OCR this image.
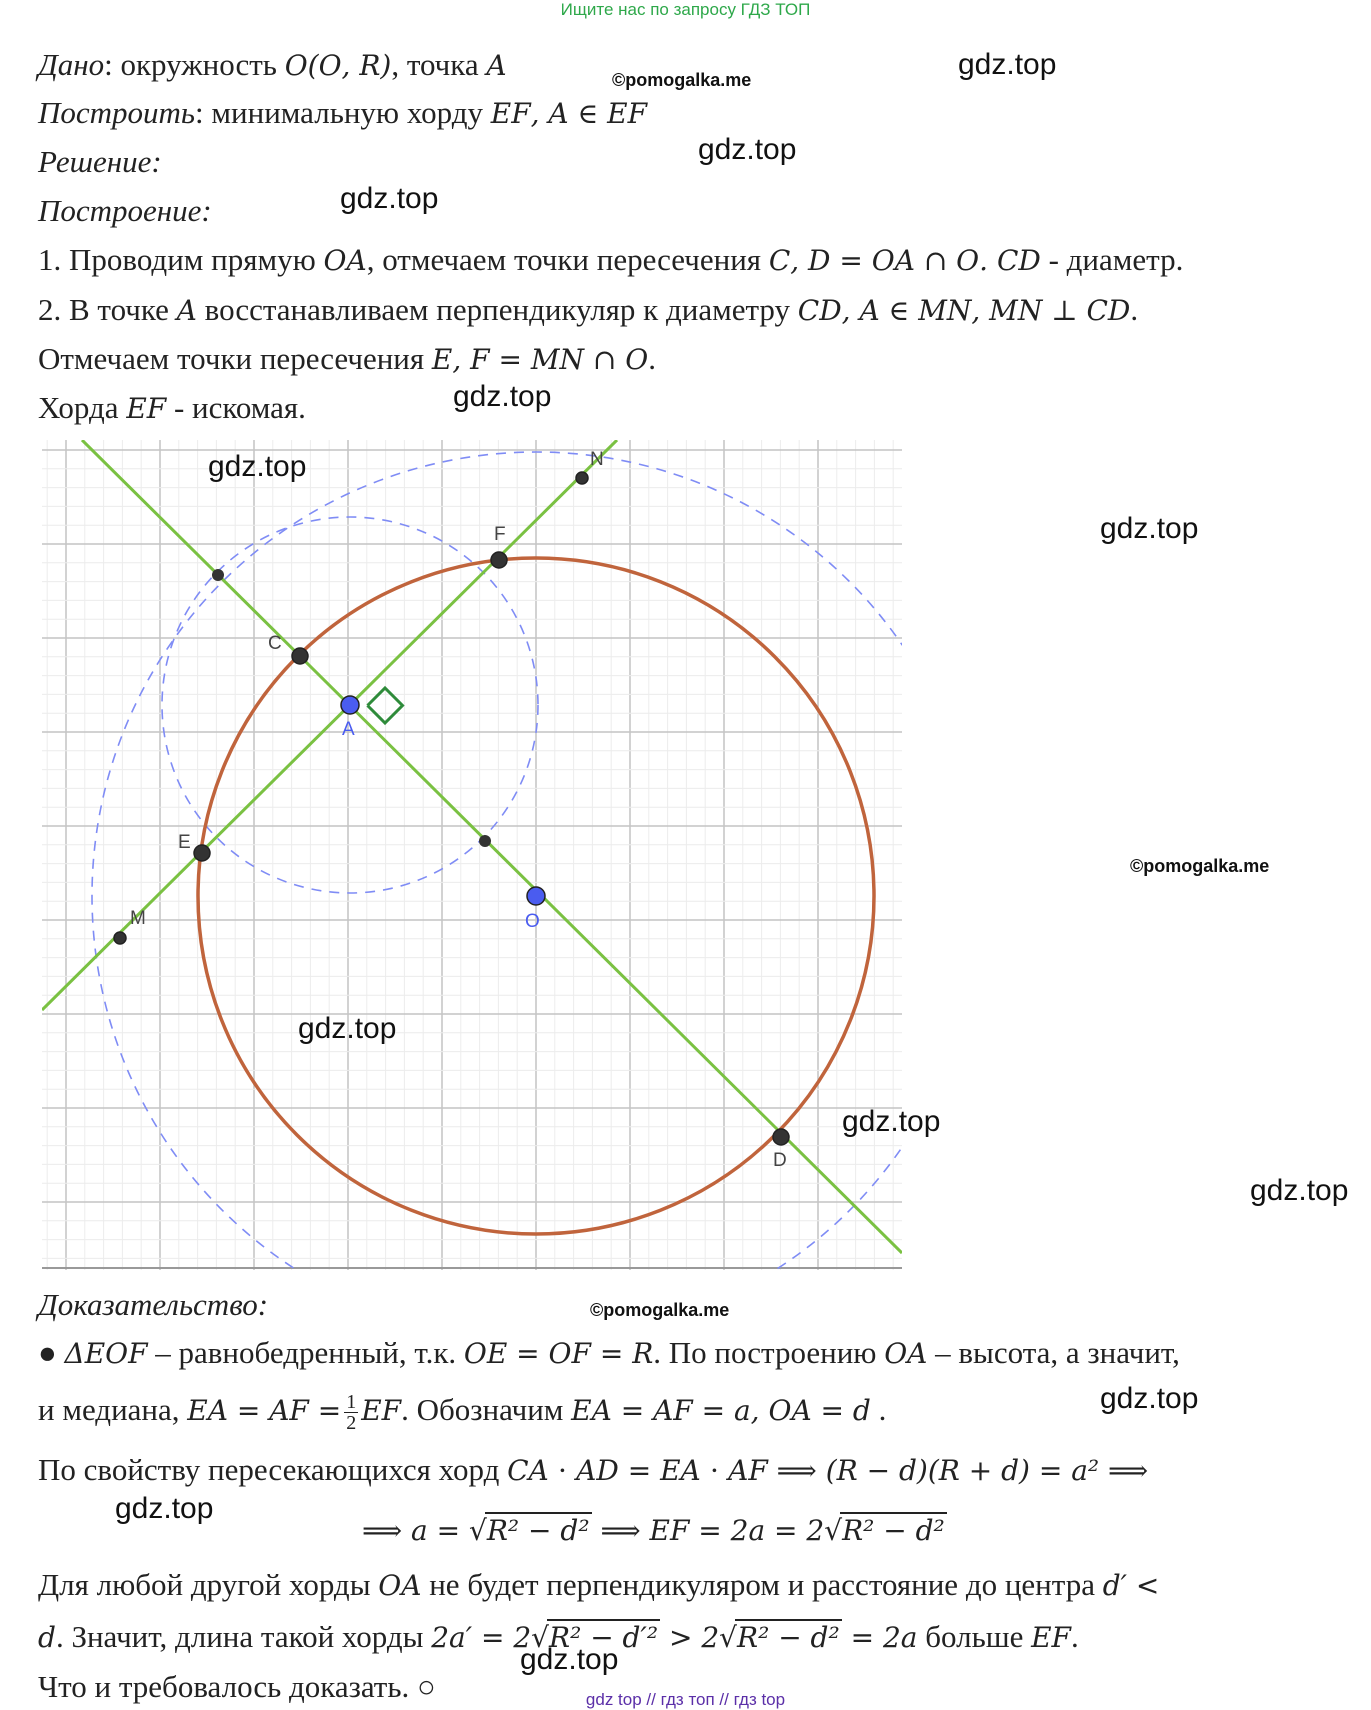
Ищите нас по запросу ГДЗ ТОП
Дано: окружность 𝑂(𝑂, 𝑅), точка 𝐴	©pomogalka.me	gdz.top
Построить: минимальную хорду 𝐸𝐹, 𝐴 ∈ 𝐸𝐹
Решение:	gdz.top
Построение:	gdz.top
1. Проводим прямую 𝑂𝐴, отмечаем точки пересечения 𝐶, 𝐷 = 𝑂𝐴 ∩ 𝑂. 𝐶𝐷 - диаметр.
2. В точке 𝐴 восстанавливаем перпендикуляр к диаметру 𝐶𝐷, 𝐴 ∈ 𝑀𝑁, 𝑀𝑁 ⊥ 𝐶𝐷.
Отмечаем точки пересечения 𝐸, 𝐹 = 𝑀𝑁 ∩ 𝑂.
Хорда 𝐸𝐹 - искомая.	gdz.top
N
F
C
A
E
M	O
D
gdz.top
gdz.top
©pomogalka.me
gdz.top
gdz.top
gdz.top
Доказательство:	©pomogalka.me
● Δ𝐸𝑂𝐹 – равнобедренный, т.к. 𝑂𝐸 = 𝑂𝐹 = 𝑅. По построению 𝑂𝐴 – высота, а значит,
и медиана, 𝐸𝐴 = 𝐴𝐹 = $\frac{1}{2}$ 𝐸𝐹. Обозначим 𝐸𝐴 = 𝐴𝐹 = 𝑎, 𝑂𝐴 = 𝑑 .	gdz.top
По свойству пересекающихся хорд 𝐶𝐴 ⋅ 𝐴𝐷 = 𝐸𝐴 ⋅ 𝐴𝐹 ⟹ (𝑅 − 𝑑)(𝑅 + 𝑑) = 𝑎² ⟹
gdz.top
⟹ 𝑎 = √𝑅² − 𝑑² ⟹ 𝐸𝐹 = 2𝑎 = 2√𝑅² − 𝑑²
Для любой другой хорды 𝑂𝐴 не будет перпендикуляром и расстояние до центра 𝑑′ <
𝑑. Значит, длина такой хорды 2𝑎′ = 2√𝑅² − 𝑑′² > 2√𝑅² − 𝑑² = 2𝑎 больше 𝐸𝐹.
Что и требовалось доказать. ○
gdz.top
gdz top // гдз топ // гдз top
